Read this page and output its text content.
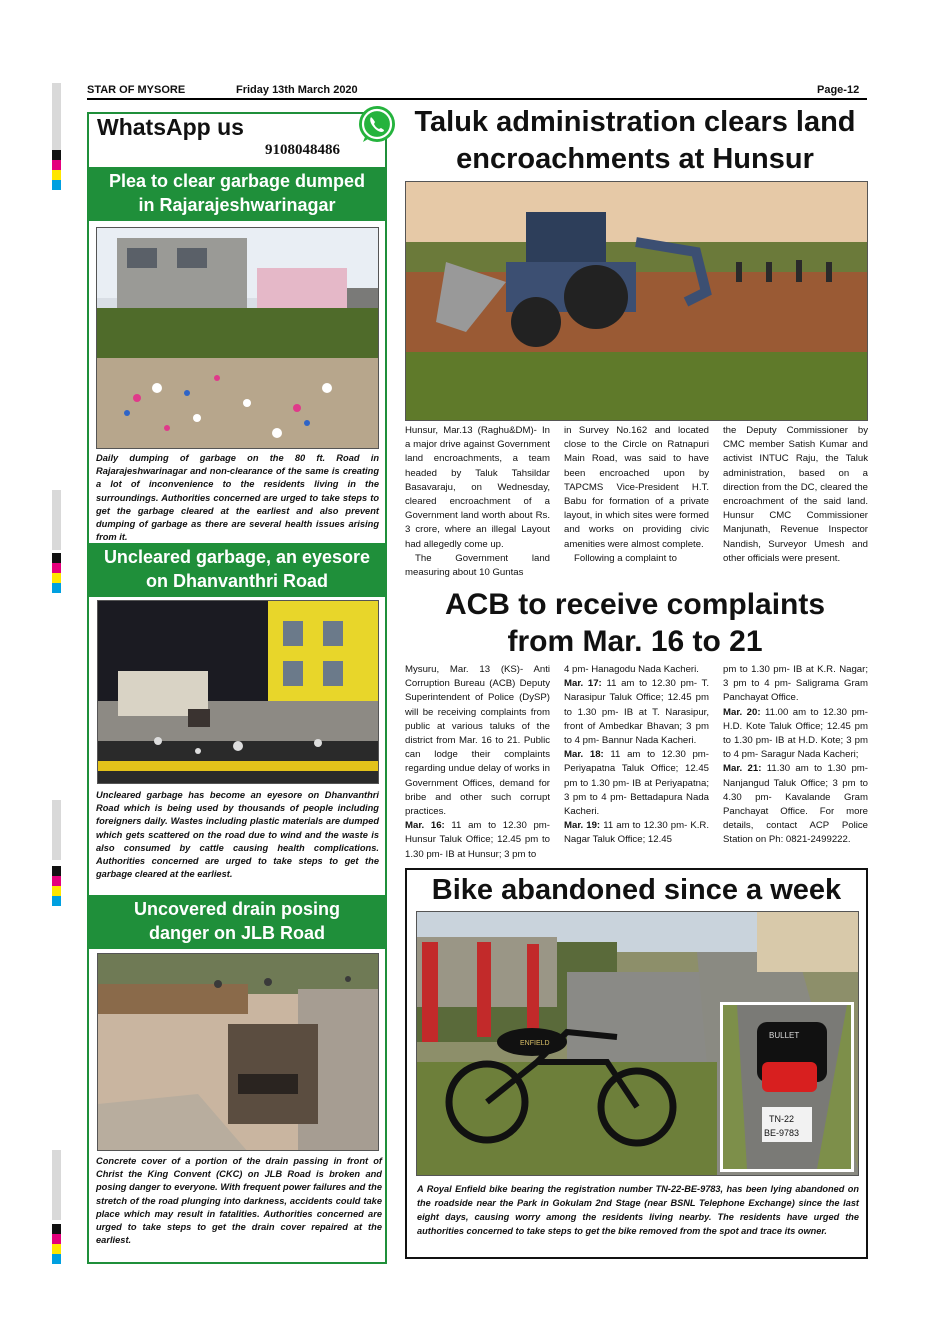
STAR OF MYSORE	Friday 13th March 2020	Page-12
WhatsApp us
9108048486
Plea to clear garbage dumped
in Rajarajeshwarinagar
Daily dumping of garbage on the 80 ft. Road in Rajarajeshwarinagar and non-clearance of the same is creating a lot of inconvenience to the residents living in the surroundings. Authorities concerned are urged to take steps to get the garbage cleared at the earliest and also prevent dumping of garbage as there are several health issues arising from it.
Uncleared garbage, an eyesore
on Dhanvanthri Road
Uncleared garbage has become an eyesore on Dhanvanthri Road which is being used by thousands of people including foreigners daily. Wastes including plastic materials are dumped which gets scattered on the road due to wind and the waste is also consumed by cattle causing health complications. Authorities concerned are urged to take steps to get the garbage cleared at the earliest.
Uncovered drain posing
danger on JLB Road
Concrete cover of a portion of the drain passing in front of Christ the King Convent (CKC) on JLB Road is broken and posing danger to everyone. With frequent power failures and the stretch of the road plunging into darkness, accidents could take place which may result in fatalities. Authorities concerned are urged to take steps to get the drain cover repaired at the earliest.
Taluk administration clears land
encroachments at Hunsur
Hunsur, Mar.13 (Raghu&DM)- In a major drive against Government land encroachments, a team headed by Taluk Tahsildar Basavaraju, on Wednesday, cleared encroachment of a Government land worth about Rs. 3 crore, where an illegal Layout had allegedly come up.
The Government land measuring about 10 Guntas
in Survey No.162 and located close to the Circle on Ratnapuri Main Road, was said to have been encroached upon by TAPCMS Vice-President H.T. Babu for formation of a private layout, in which sites were formed and works on providing civic amenities were almost complete.
Following a complaint to
the Deputy Commissioner by CMC member Satish Kumar and activist INTUC Raju, the Taluk administration, based on a direction from the DC, cleared the encroachment of the said land. Hunsur CMC Commissioner Manjunath, Revenue Inspector Nandish, Surveyor Umesh and other officials were present.
ACB to receive complaints
from Mar. 16 to 21
Mysuru, Mar. 13 (KS)- Anti Corruption Bureau (ACB) Deputy Superintendent of Police (DySP) will be receiving complaints from public at various taluks of the district from Mar. 16 to 21. Public can lodge their complaints regarding undue delay of works in Government Offices, demand for bribe and other such corrupt practices.
Mar. 16: 11 am to 12.30 pm- Hunsur Taluk Office; 12.45 pm to 1.30 pm- IB at Hunsur; 3 pm to
4 pm- Hanagodu Nada Kacheri.
Mar. 17: 11 am to 12.30 pm- T. Narasipur Taluk Office; 12.45 pm to 1.30 pm- IB at T. Narasipur, front of Ambedkar Bhavan; 3 pm to 4 pm- Bannur Nada Kacheri.
Mar. 18: 11 am to 12.30 pm- Periyapatna Taluk Office; 12.45 pm to 1.30 pm- IB at Periyapatna; 3 pm to 4 pm- Bettadapura Nada Kacheri.
Mar. 19: 11 am to 12.30 pm- K.R. Nagar Taluk Office; 12.45
pm to 1.30 pm- IB at K.R. Nagar; 3 pm to 4 pm- Saligrama Gram Panchayat Office.
Mar. 20: 11.00 am to 12.30 pm- H.D. Kote Taluk Office; 12.45 pm to 1.30 pm- IB at H.D. Kote; 3 pm to 4 pm- Saragur Nada Kacheri;
Mar. 21: 11.30 am to 1.30 pm- Nanjangud Taluk Office; 3 pm to 4.30 pm- Kavalande Gram Panchayat Office. For more details, contact ACP Police Station on Ph: 0821-2499222.
Bike abandoned since a week
ENFIELD
BULLET
TN-22
BE-9783
A Royal Enfield bike bearing the registration number TN-22-BE-9783, has been lying abandoned on the roadside near the Park in Gokulam 2nd Stage (near BSNL Telephone Exchange) since the last eight days, causing worry among the residents living nearby. The residents have urged the authorities concerned to take steps to get the bike removed from the spot and trace its owner.
